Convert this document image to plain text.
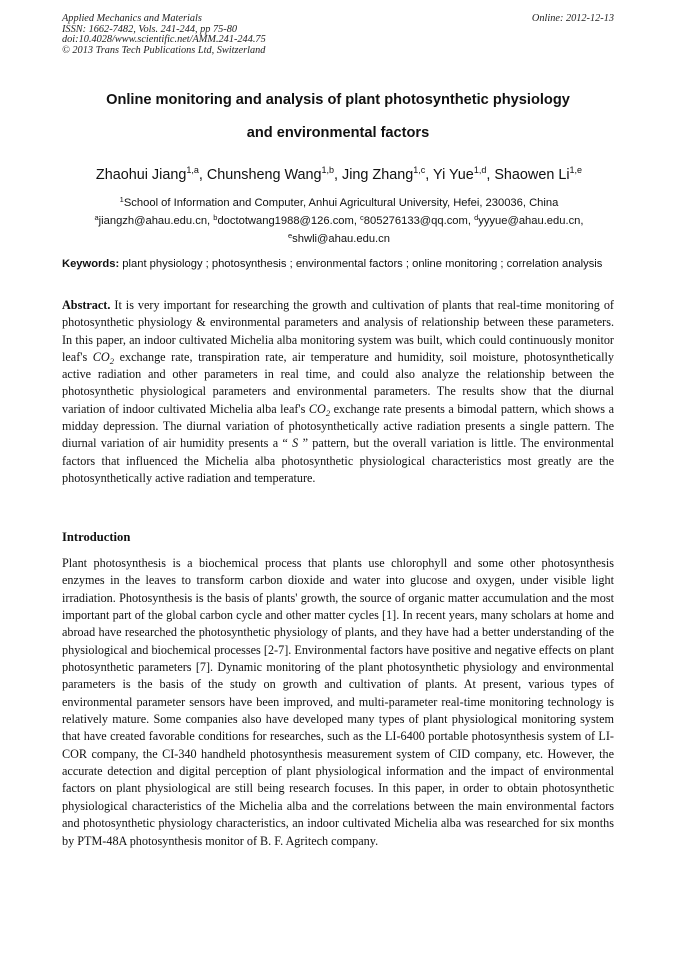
Applied Mechanics and Materials
ISSN: 1662-7482, Vols. 241-244, pp 75-80
doi:10.4028/www.scientific.net/AMM.241-244.75
© 2013 Trans Tech Publications Ltd, Switzerland
Online: 2012-12-13
Online monitoring and analysis of plant photosynthetic physiology
and environmental factors
Zhaohui Jiang$^{1,a}$, Chunsheng Wang$^{1,b}$, Jing Zhang$^{1,c}$, Yi Yue$^{1,d}$, Shaowen Li$^{1,e}$
$^1$School of Information and Computer, Anhui Agricultural University, Hefei, 230036, China
$^a$jiangzh@ahau.edu.cn, $^b$doctotwang1988@126.com, $^c$805276133@qq.com, $^d$yyyue@ahau.edu.cn,
$^e$shwli@ahau.edu.cn
Keywords: plant physiology ; photosynthesis ; environmental factors ; online monitoring ; correlation analysis
Abstract. It is very important for researching the growth and cultivation of plants that real-time monitoring of photosynthetic physiology & environmental parameters and analysis of relationship between these parameters. In this paper, an indoor cultivated Michelia alba monitoring system was built, which could continuously monitor leaf's $CO_2$ exchange rate, transpiration rate, air temperature and humidity, soil moisture, photosynthetically active radiation and other parameters in real time, and could also analyze the relationship between the photosynthetic physiological parameters and environmental parameters. The results show that the diurnal variation of indoor cultivated Michelia alba leaf's $CO_2$ exchange rate presents a bimodal pattern, which shows a midday depression. The diurnal variation of photosynthetically active radiation presents a single pattern. The diurnal variation of air humidity presents a “ S ” pattern, but the overall variation is little. The environmental factors that influenced the Michelia alba photosynthetic physiological characteristics most greatly are the photosynthetically active radiation and temperature.
Introduction
Plant photosynthesis is a biochemical process that plants use chlorophyll and some other photosynthesis enzymes in the leaves to transform carbon dioxide and water into glucose and oxygen, under visible light irradiation. Photosynthesis is the basis of plants' growth, the source of organic matter accumulation and the most important part of the global carbon cycle and other matter cycles [1]. In recent years, many scholars at home and abroad have researched the photosynthetic physiology of plants, and they have had a better understanding of the physiological and biochemical processes [2-7]. Environmental factors have positive and negative effects on plant photosynthetic parameters [7]. Dynamic monitoring of the plant photosynthetic physiology and environmental parameters is the basis of the study on growth and cultivation of plants. At present, various types of environmental parameter sensors have been improved, and multi-parameter real-time monitoring technology is relatively mature. Some companies also have developed many types of plant physiological monitoring system that have created favorable conditions for researches, such as the LI-6400 portable photosynthesis system of LI-COR company, the CI-340 handheld photosynthesis measurement system of CID company, etc. However, the accurate detection and digital perception of plant physiological information and the impact of environmental factors on plant physiological are still being research focuses. In this paper, in order to obtain photosynthetic physiological characteristics of the Michelia alba and the correlations between the main environmental factors and photosynthetic physiology characteristics, an indoor cultivated Michelia alba was researched for six months by PTM-48A photosynthesis monitor of B. F. Agritech company.
